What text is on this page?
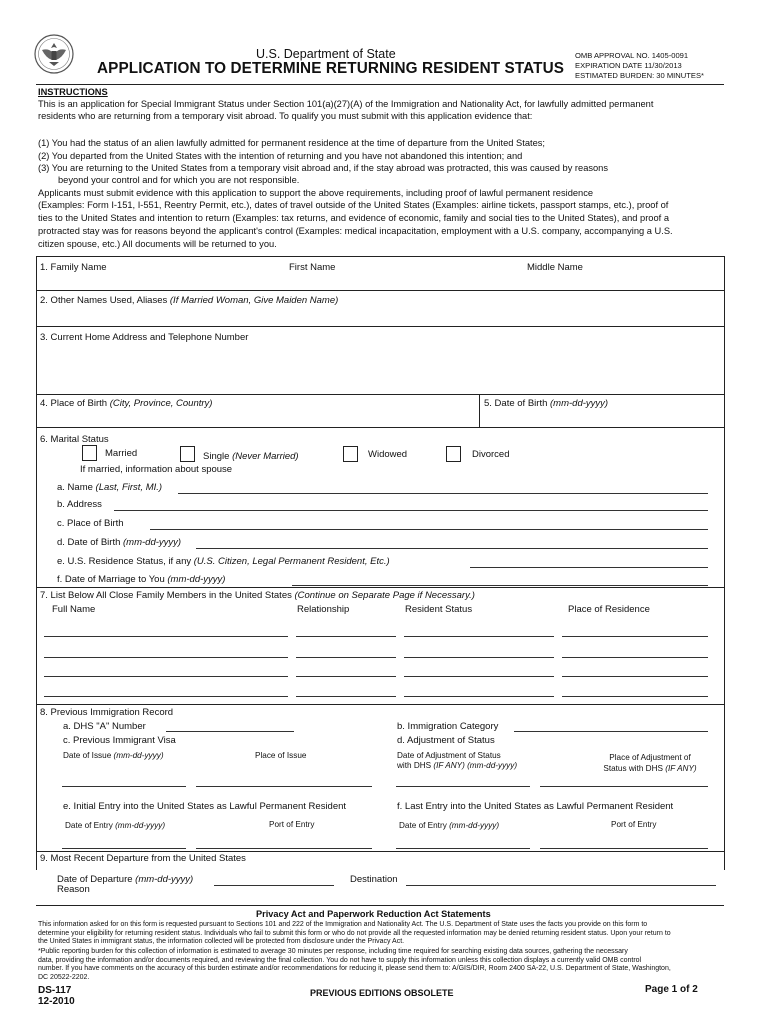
U.S. Department of State
APPLICATION TO DETERMINE RETURNING RESIDENT STATUS
OMB APPROVAL NO. 1405-0091
EXPIRATION DATE 11/30/2013
ESTIMATED BURDEN: 30 MINUTES*
INSTRUCTIONS
This is an application for Special Immigrant Status under Section 101(a)(27)(A) of the Immigration and Nationality Act, for lawfully admitted permanent
residents who are returning from a temporary visit abroad. To qualify you must submit with this application evidence that:
(1) You had the status of an alien lawfully admitted for permanent residence at the time of departure from the United States;
(2) You departed from the United States with the intention of returning and you have not abandoned this intention; and
(3) You are returning to the United States from a temporary visit abroad and, if the stay abroad was protracted, this was caused by reasons
beyond your control and for which you are not responsible.
Applicants must submit evidence with this application to support the above requirements, including proof of lawful permanent residence
(Examples: Form I-151, I-551, Reentry Permit, etc.), dates of travel outside of the United States (Examples: airline tickets, passport stamps, etc.), proof of
ties to the United States and intention to return (Examples: tax returns, and evidence of economic, family and social ties to the United States), and proof a
protracted stay was for reasons beyond the applicant's control (Examples: medical incapacitation, employment with a U.S. company, accompanying a U.S.
citizen spouse, etc.) All documents will be returned to you.
1. Family Name	First Name	Middle Name
2. Other Names Used, Aliases (If Married Woman, Give Maiden Name)
3. Current Home Address and Telephone Number
4. Place of Birth (City, Province, Country)	5. Date of Birth (mm-dd-yyyy)
6. Marital Status
Married	Single (Never Married)	Widowed	Divorced
If married, information about spouse
a. Name (Last, First, MI.)
b. Address
c. Place of Birth
d. Date of Birth (mm-dd-yyyy)
e. U.S. Residence Status, if any (U.S. Citizen, Legal Permanent Resident, Etc.)
f. Date of Marriage to You (mm-dd-yyyy)
7. List Below All Close Family Members in the United States (Continue on Separate Page if Necessary.)
Full Name	Relationship	Resident Status	Place of Residence
8. Previous Immigration Record
a. DHS "A" Number	b. Immigration Category
c. Previous Immigrant Visa	d. Adjustment of Status
Date of Issue (mm-dd-yyyy)	Place of Issue	Date of Adjustment of Status
with DHS (IF ANY) (mm-dd-yyyy)
Place of Adjustment of
Status with DHS (IF ANY)
e. Initial Entry into the United States as Lawful Permanent Resident	f. Last Entry into the United States as Lawful Permanent Resident
Date of Entry (mm-dd-yyyy)	Port of Entry	Date of Entry (mm-dd-yyyy)	Port of Entry
9. Most Recent Departure from the United States
Date of Departure (mm-dd-yyyy)	Destination
Reason
Privacy Act and Paperwork Reduction Act Statements
This information asked for on this form is requested pursuant to Sections 101 and 222 of the Immigration and Nationality Act. The U.S. Department of State uses the facts you provide on this form to
determine your eligibility for returning resident status. Individuals who fail to submit this form or who do not provide all the requested information may be denied returning resident status. Upon your return to
the United States in immigrant status, the information collected will be protected from disclosure under the Privacy Act.
*Public reporting burden for this collection of information is estimated to average 30 minutes per response, including time required for searching existing data sources, gathering the necessary
data, providing the information and/or documents required, and reviewing the final collection. You do not have to supply this information unless this collection displays a currently valid OMB control
number. If you have comments on the accuracy of this burden estimate and/or recommendations for reducing it, please send them to: A/GIS/DIR, Room 2400 SA-22, U.S. Department of State, Washington,
DC 20522-2202.
DS-117
12-2010
PREVIOUS EDITIONS OBSOLETE	Page 1 of 2
